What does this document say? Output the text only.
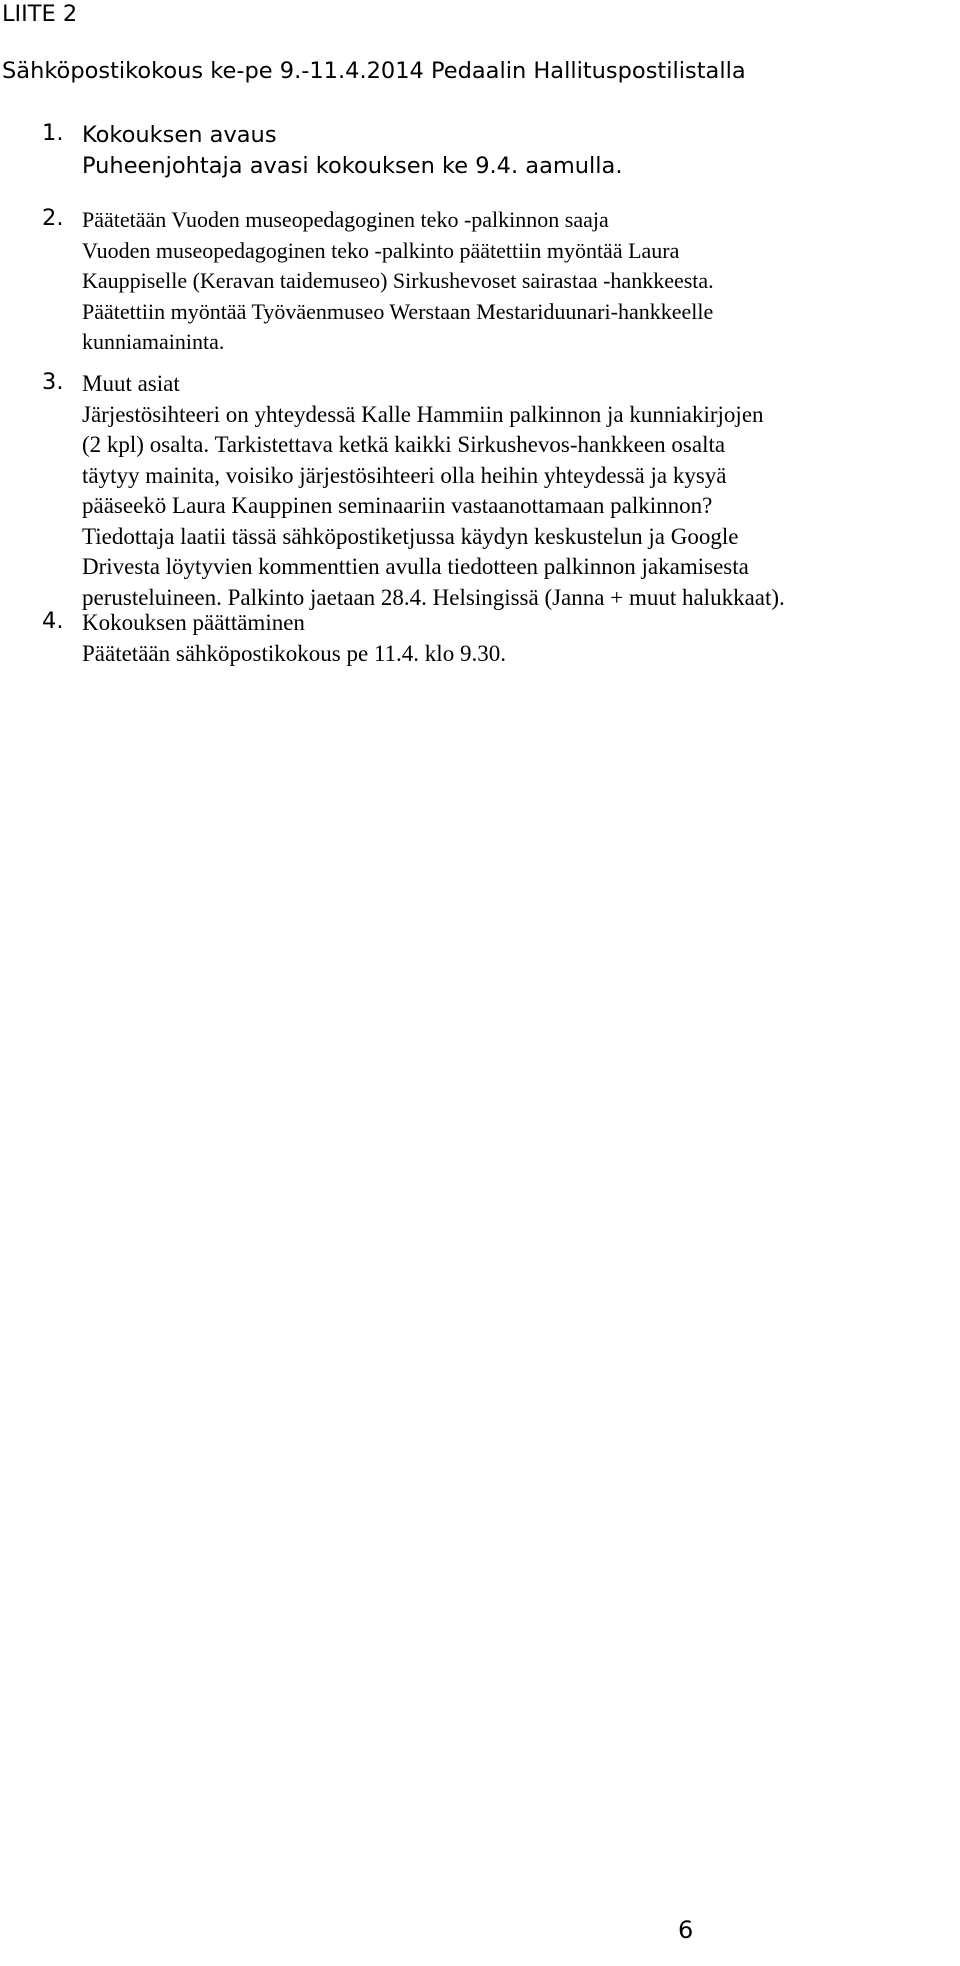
LIITE 2
Sähköpostikokous ke-pe 9.-11.4.2014 Pedaalin Hallituspostilistalla
1. Kokouksen avaus
Puheenjohtaja avasi kokouksen ke 9.4. aamulla.
2. Päätetään Vuoden museopedagoginen teko -palkinnon saaja
Vuoden museopedagoginen teko -palkinto päätettiin myöntää Laura
Kauppiselle (Keravan taidemuseo) Sirkushevoset sairastaa -hankkeesta.
Päätettiin myöntää Työväenmuseo Werstaan Mestariduunari-hankkeelle
kunniamaininta.
3. Muut asiat
Järjestösihteeri on yhteydessä Kalle Hammiin palkinnon ja kunniakirjojen
(2 kpl) osalta. Tarkistettava ketkä kaikki Sirkushevos-hankkeen osalta
täytyy mainita, voisiko järjestösihteeri olla heihin yhteydessä ja kysyä
pääseekö Laura Kauppinen seminaariin vastaanottamaan palkinnon?
Tiedottaja laatii tässä sähköpostiketjussa käydyn keskustelun ja Google
Drivesta löytyvien kommenttien avulla tiedotteen palkinnon jakamisesta
perusteluineen. Palkinto jaetaan 28.4. Helsingissä (Janna + muut halukkaat).
4. Kokouksen päättäminen
Päätetään sähköpostikokous pe 11.4. klo 9.30.
6
